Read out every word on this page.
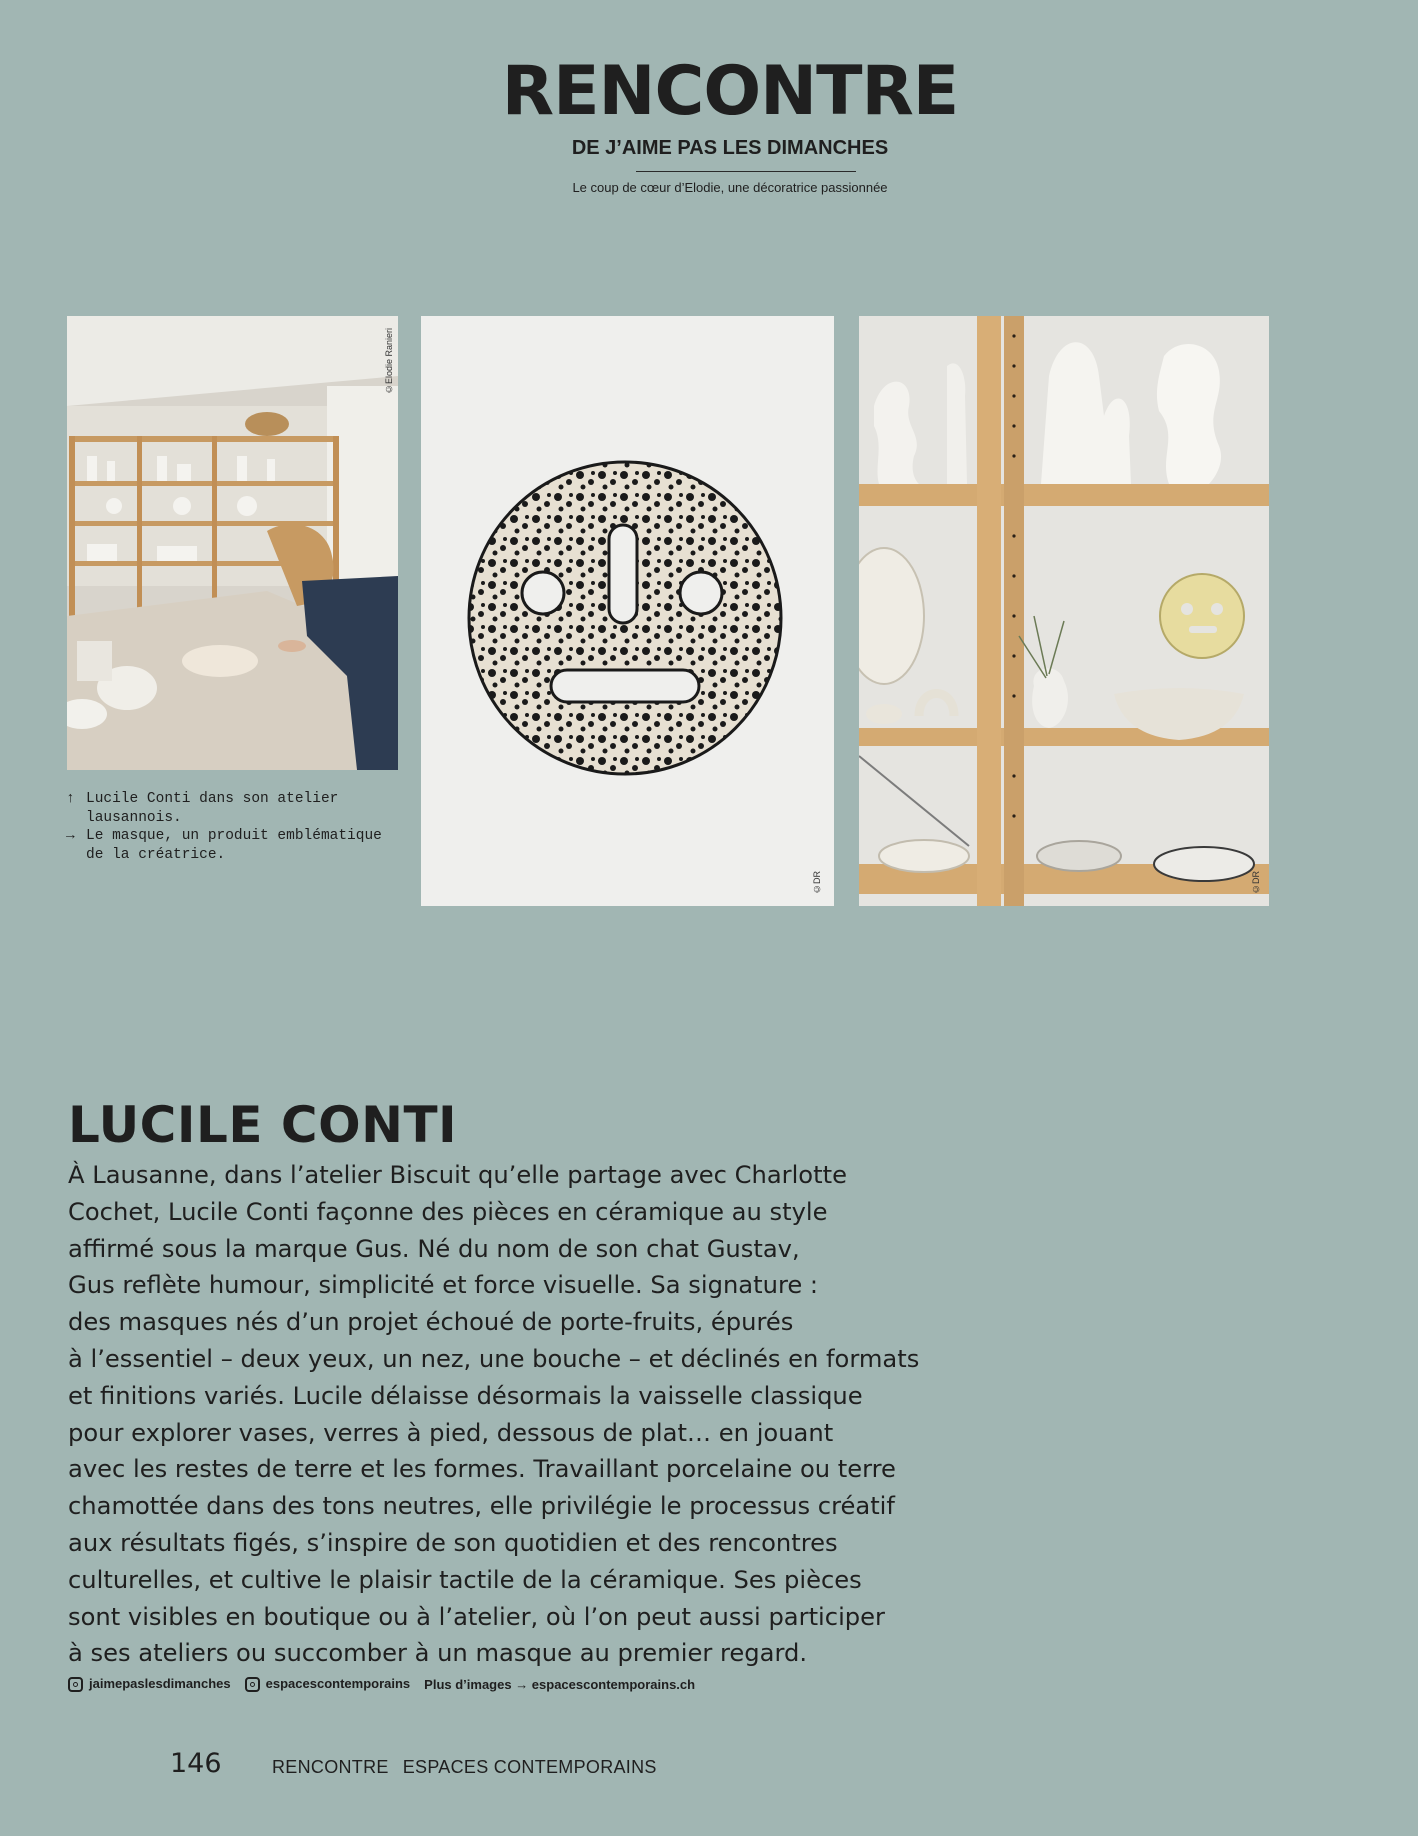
RENCONTRE
DE J’AIME PAS LES DIMANCHES
Le coup de cœur d’Elodie, une décoratrice passionnée
©Elodie Ranieri
©DR	©DR
↑ Lucile Conti dans son atelier lausannois.
→ Le masque, un produit emblématique de la créatrice.
LUCILE CONTI

À Lausanne, dans l’atelier Biscuit qu’elle partage avec Charlotte

Cochet, Lucile Conti façonne des pièces en céramique au style

affirmé sous la marque Gus. Né du nom de son chat Gustav,

Gus reflète humour, simplicité et force visuelle. Sa signature :

des masques nés d’un projet échoué de porte-fruits, épurés

à l’essentiel – deux yeux, un nez, une bouche – et déclinés en formats

et finitions variés. Lucile délaisse désormais la vaisselle classique

pour explorer vases, verres à pied, dessous de plat… en jouant

avec les restes de terre et les formes. Travaillant porcelaine ou terre

chamottée dans des tons neutres, elle privilégie le processus créatif

aux résultats figés, s’inspire de son quotidien et des rencontres

culturelles, et cultive le plaisir tactile de la céramique. Ses pièces

sont visibles en boutique ou à l’atelier, où l’on peut aussi participer

à ses ateliers ou succomber à un masque au premier regard.

jaimepaslesdimanches	espacescontemporains Plus d’images → espacescontemporains.ch
146	RENCONTRE ESPACES CONTEMPORAINS
